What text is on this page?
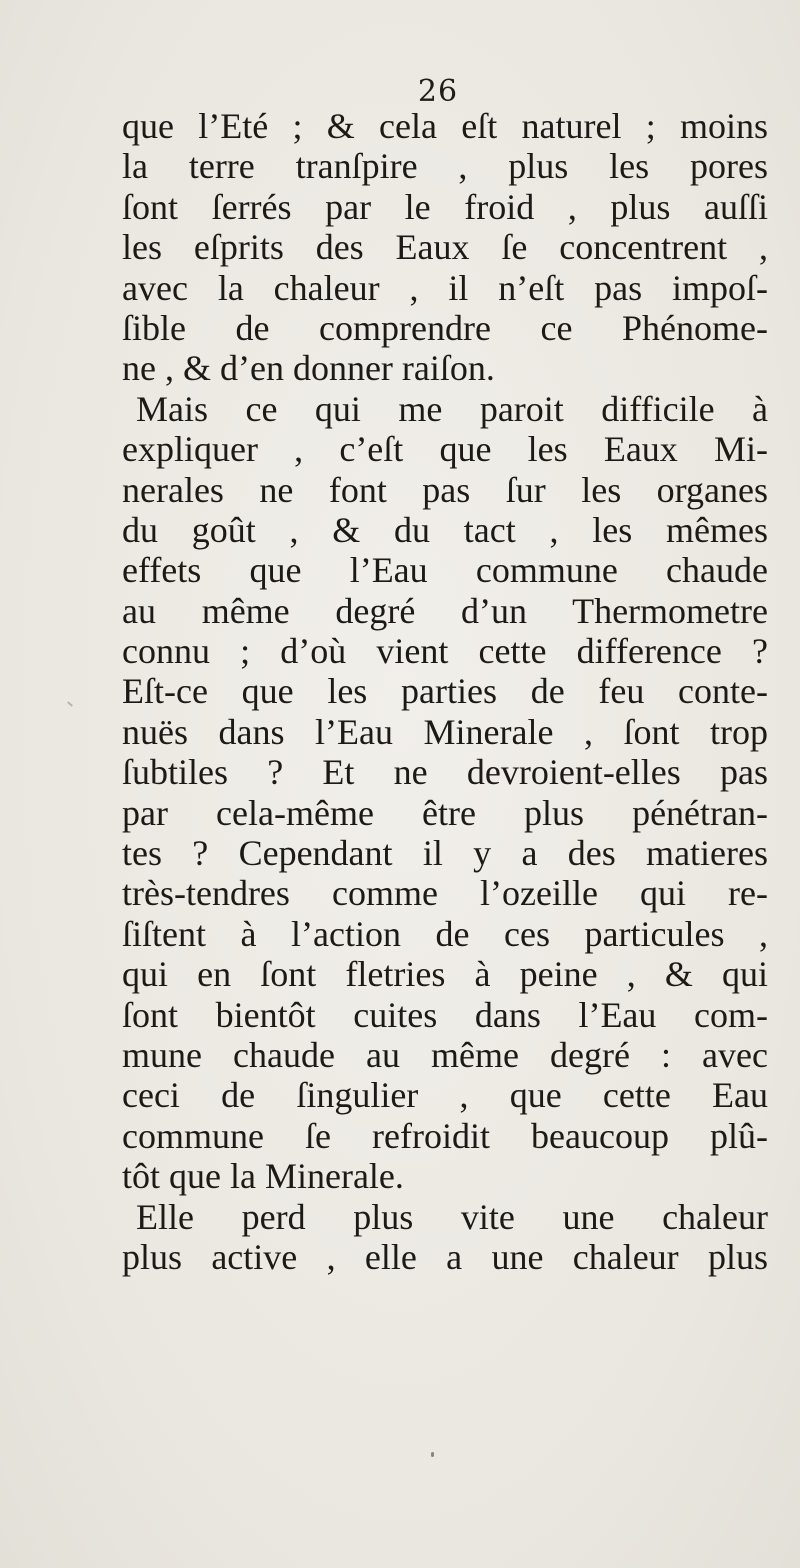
26
que l’Eté ; & cela eſt naturel ; moins
la terre tranſpire , plus les pores
ſont ſerrés par le froid , plus auſſi
les eſprits des Eaux ſe concentrent ,
avec la chaleur , il n’eſt pas impoſ-
ſible de comprendre ce Phénome-
ne , & d’en donner raiſon.
Mais ce qui me paroit difficile à
expliquer , c’eſt que les Eaux Mi-
nerales ne font pas ſur les organes
du goût , & du tact , les mêmes
effets que l’Eau commune chaude
au même degré d’un Thermometre
connu ; d’où vient cette difference ?
Eſt-ce que les parties de feu conte-
nuës dans l’Eau Minerale , ſont trop
ſubtiles ? Et ne devroient-elles pas
par cela-même être plus pénétran-
tes ? Cependant il y a des matieres
très-tendres comme l’ozeille qui re-
ſiſtent à l’action de ces particules ,
qui en ſont fletries à peine , & qui
ſont bientôt cuites dans l’Eau com-
mune chaude au même degré : avec
ceci de ſingulier , que cette Eau
commune ſe refroidit beaucoup plû-
tôt que la Minerale.
Elle perd plus vite une chaleur
plus active , elle a une chaleur plus
